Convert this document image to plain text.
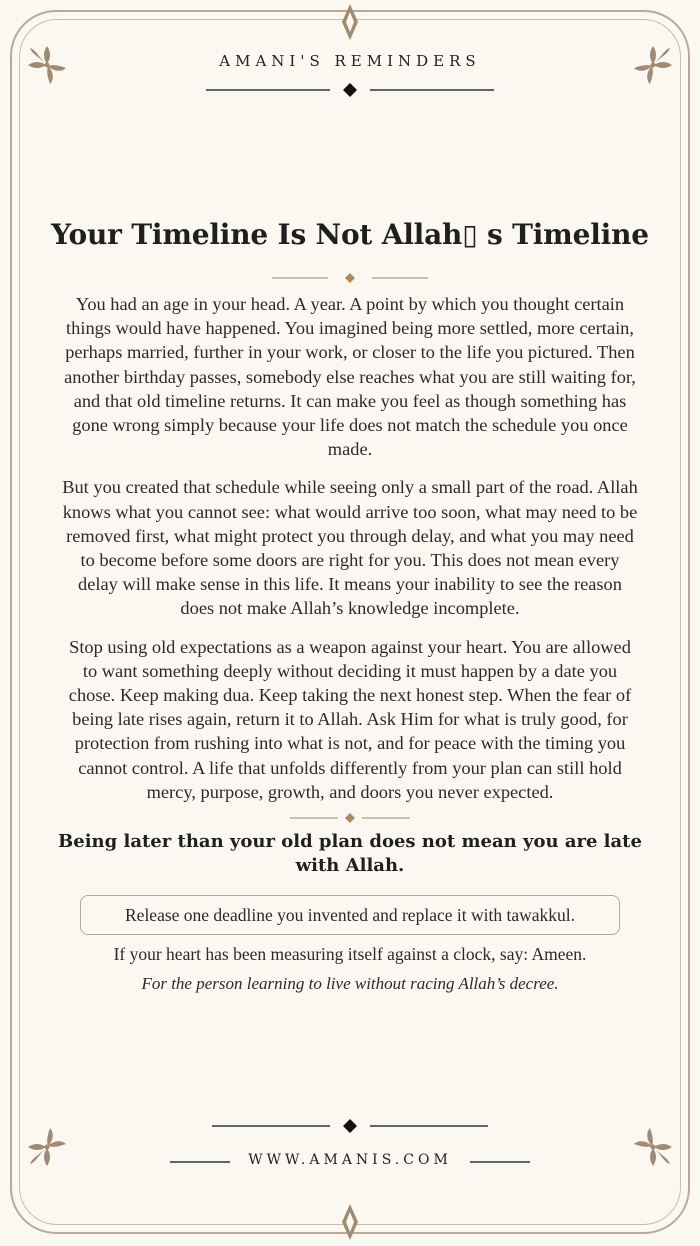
AMANI'S REMINDERS
Your Timeline Is Not Allah▯ s Timeline

You had an age in your head. A year. A point by which you thought certain things would have happened. You imagined being more settled, more certain, perhaps married, further in your work, or closer to the life you pictured. Then another birthday passes, somebody else reaches what you are still waiting for, and that old timeline returns. It can make you feel as though something has gone wrong simply because your life does not match the schedule you once made.

But you created that schedule while seeing only a small part of the road. Allah knows what you cannot see: what would arrive too soon, what may need to be removed first, what might protect you through delay, and what you may need to become before some doors are right for you. This does not mean every delay will make sense in this life. It means your inability to see the reason does not make Allah’s knowledge incomplete.

Stop using old expectations as a weapon against your heart. You are allowed to want something deeply without deciding it must happen by a date you chose. Keep making dua. Keep taking the next honest step. When the fear of being late rises again, return it to Allah. Ask Him for what is truly good, for protection from rushing into what is not, and for peace with the timing you cannot control. A life that unfolds differently from your plan can still hold mercy, purpose, growth, and doors you never expected.

Being later than your old plan does not mean you are late with Allah.
Release one deadline you invented and replace it with tawakkul.
If your heart has been measuring itself against a clock, say: Ameen.
For the person learning to live without racing Allah’s decree.
WWW.AMANIS.COM
